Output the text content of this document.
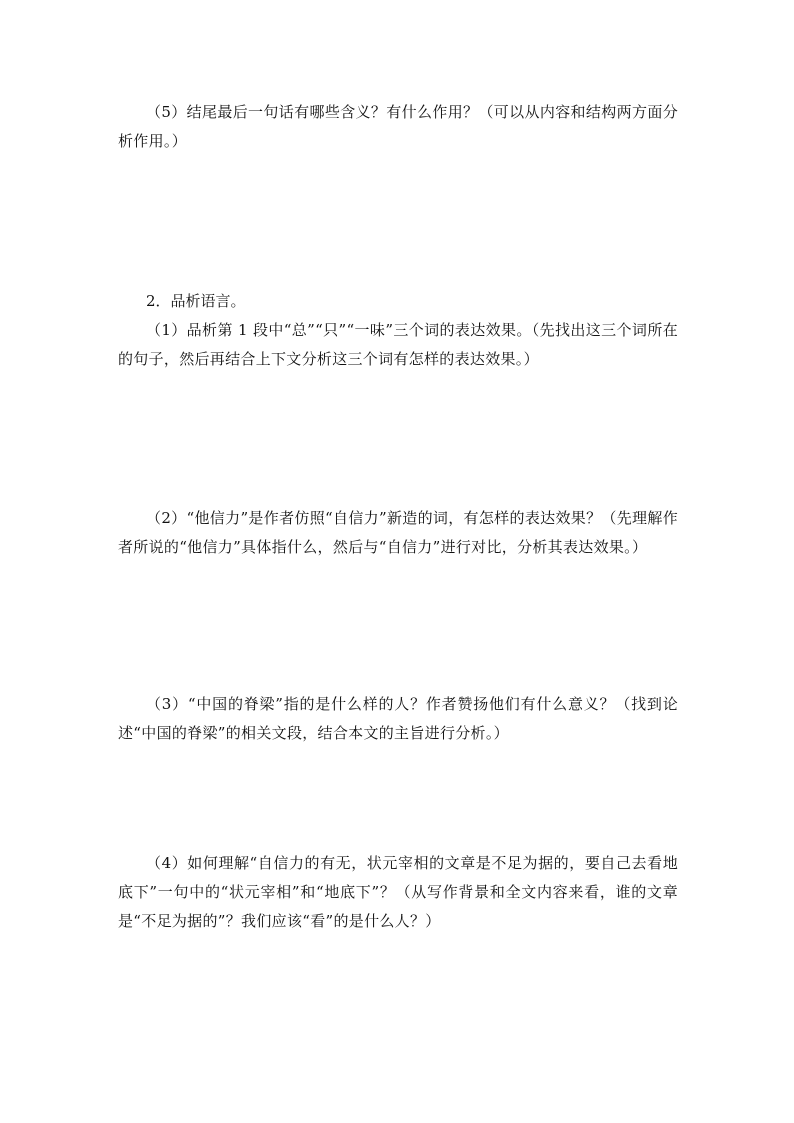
（5）结尾最后一句话有哪些含义？有什么作用？（可以从内容和结构两方面分析作用。）

2．品析语言。

（1）品析第 1 段中“总”“只”“一味”三个词的表达效果。（先找出这三个词所在的句子，然后再结合上下文分析这三个词有怎样的表达效果。）

（2）“他信力”是作者仿照“自信力”新造的词，有怎样的表达效果？（先理解作者所说的“他信力”具体指什么，然后与“自信力”进行对比，分析其表达效果。）

（3）“中国的脊梁”指的是什么样的人？作者赞扬他们有什么意义？（找到论述“中国的脊梁”的相关文段，结合本文的主旨进行分析。）

（4）如何理解“自信力的有无，状元宰相的文章是不足为据的，要自己去看地底下”一句中的“状元宰相”和“地底下”？（从写作背景和全文内容来看，谁的文章是“不足为据的”？我们应该“看”的是什么人？）
